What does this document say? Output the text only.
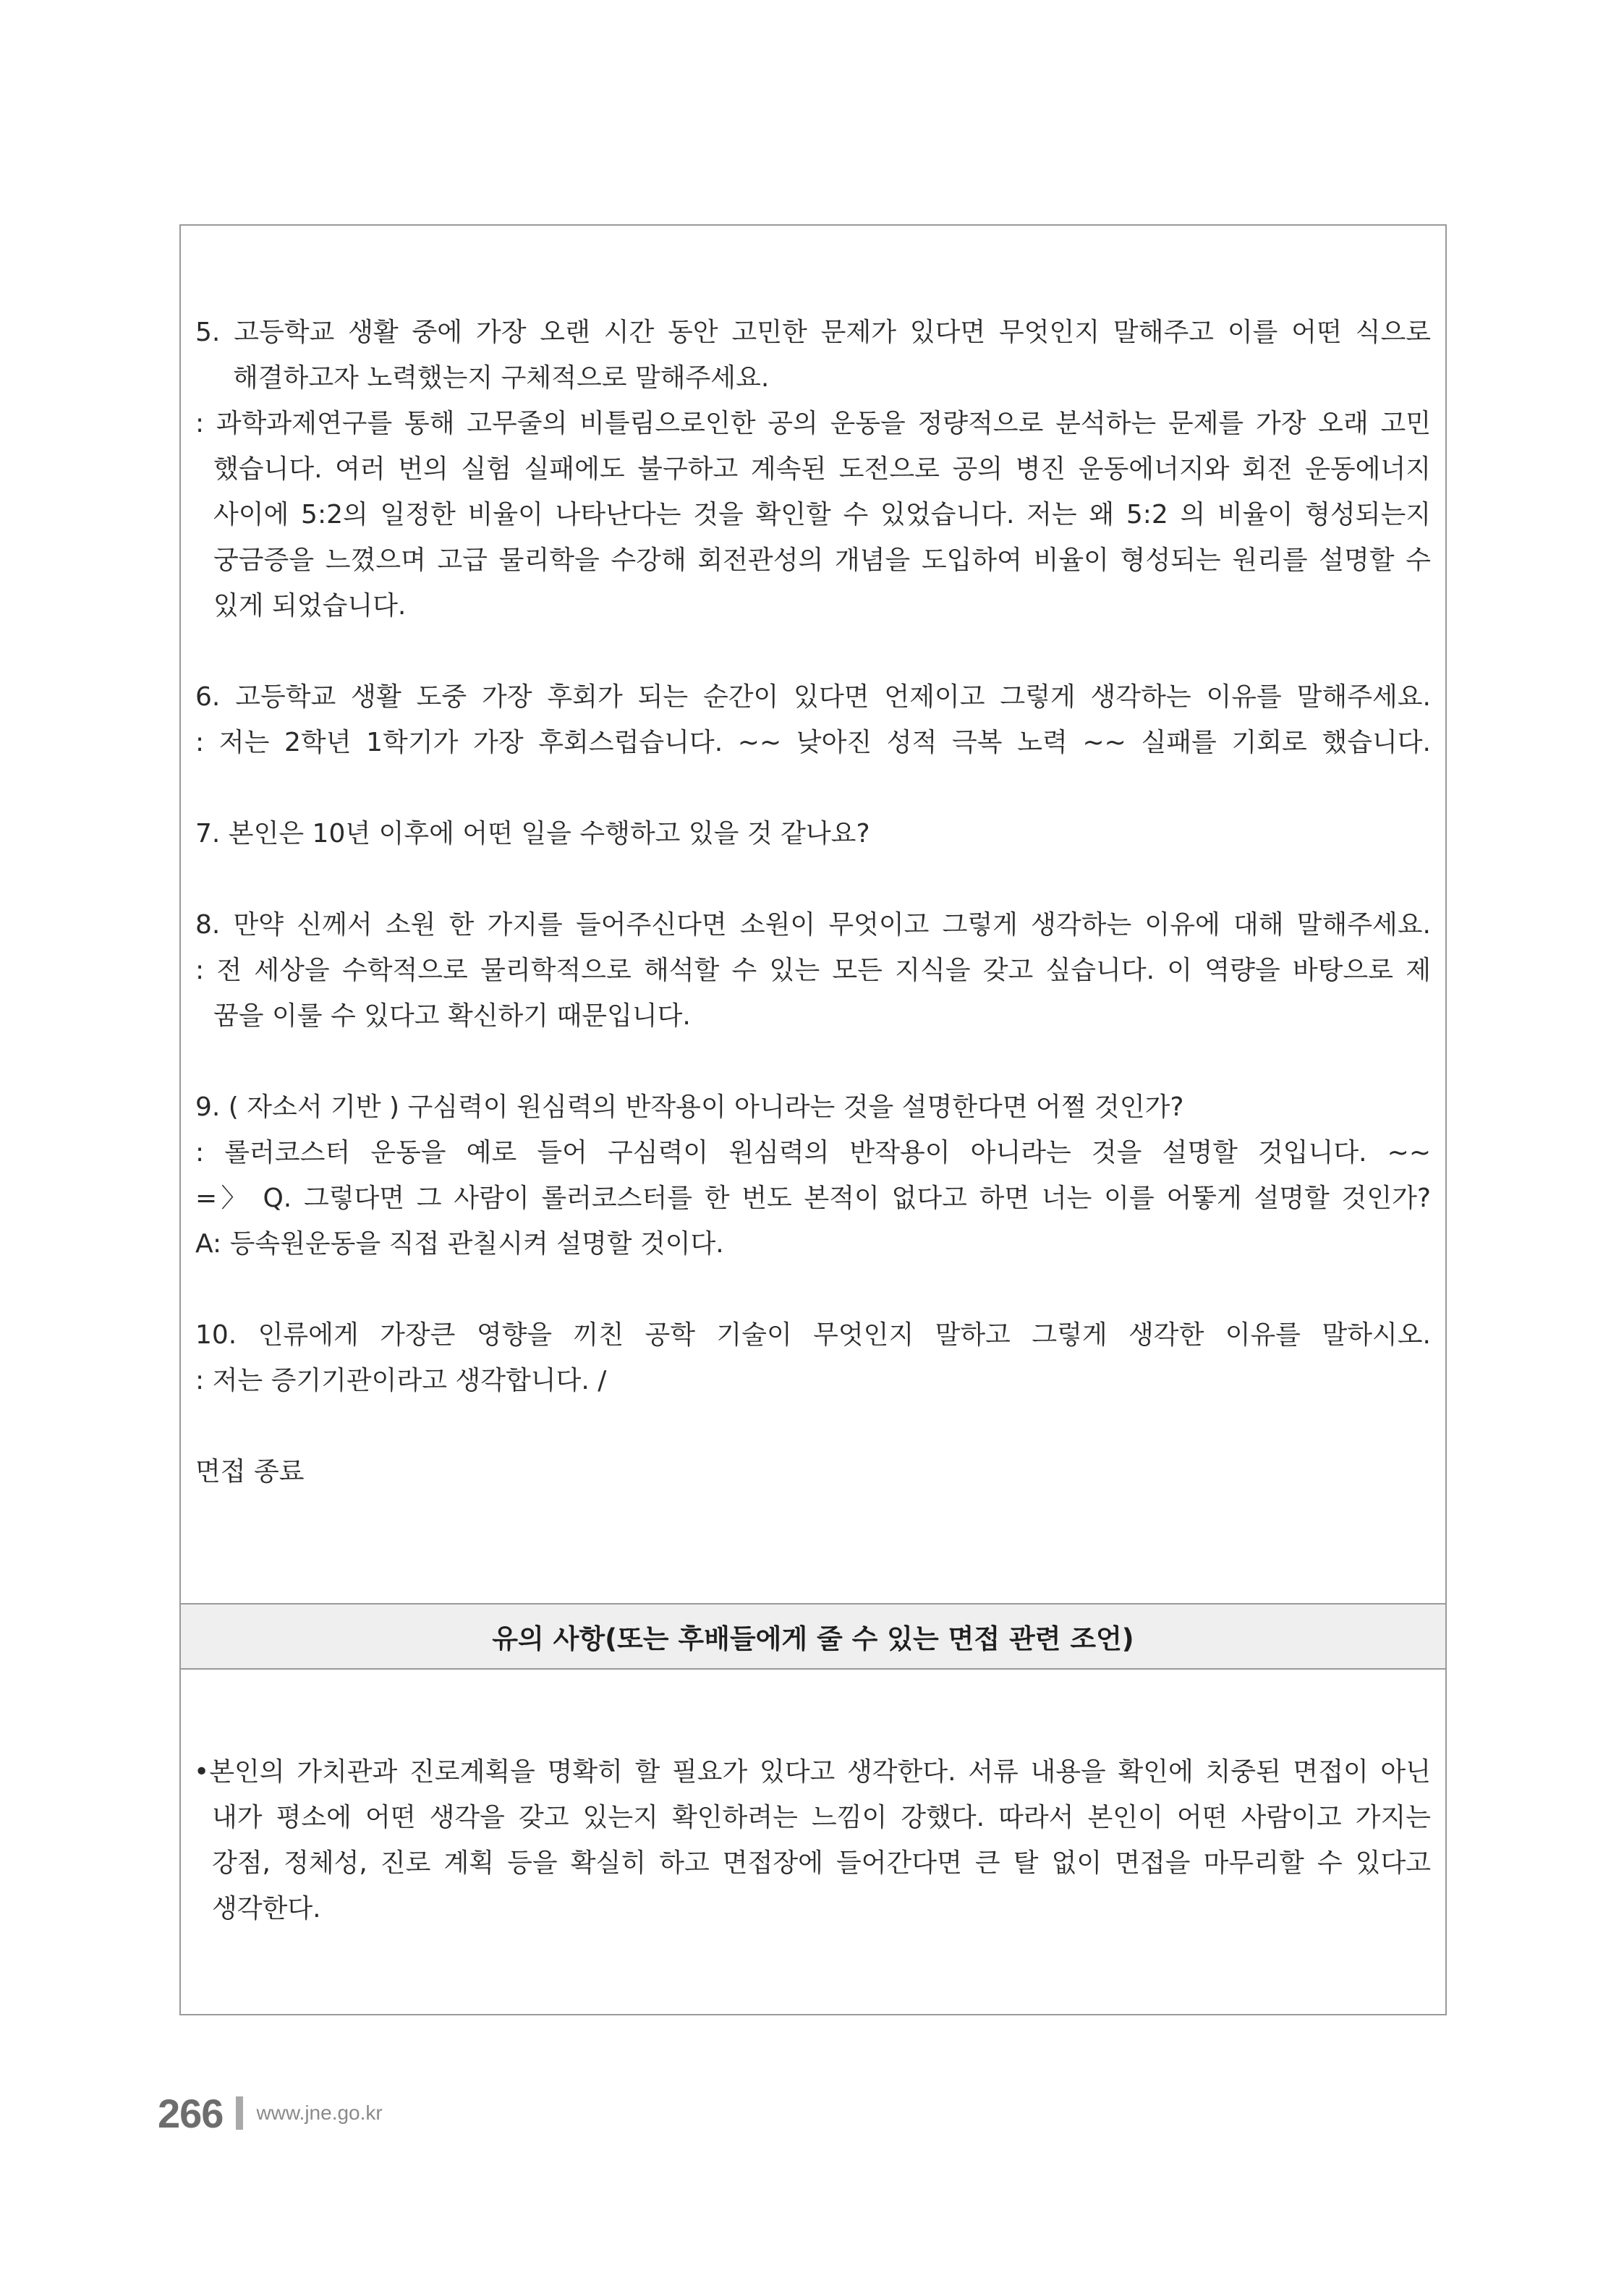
5. 고등학교 생활 중에 가장 오랜 시간 동안 고민한 문제가 있다면 무엇인지 말해주고 이를 어떤 식으로
해결하고자 노력했는지 구체적으로 말해주세요.
: 과학과제연구를 통해 고무줄의 비틀림으로인한 공의 운동을 정량적으로 분석하는 문제를 가장 오래 고민
했습니다. 여러 번의 실험 실패에도 불구하고 계속된 도전으로 공의 병진 운동에너지와 회전 운동에너지
사이에 5:2의 일정한 비율이 나타난다는 것을 확인할 수 있었습니다. 저는 왜 5:2 의 비율이 형성되는지
궁금증을 느꼈으며 고급 물리학을 수강해 회전관성의 개념을 도입하여 비율이 형성되는 원리를 설명할 수
있게 되었습니다.
6. 고등학교 생활 도중 가장 후회가 되는 순간이 있다면 언제이고 그렇게 생각하는 이유를 말해주세요.
: 저는 2학년 1학기가 가장 후회스럽습니다. ~~ 낮아진 성적 극복 노력 ~~ 실패를 기회로 했습니다.
7. 본인은 10년 이후에 어떤 일을 수행하고 있을 것 같나요?
8. 만약 신께서 소원 한 가지를 들어주신다면 소원이 무엇이고 그렇게 생각하는 이유에 대해 말해주세요.
: 전 세상을 수학적으로 물리학적으로 해석할 수 있는 모든 지식을 갖고 싶습니다. 이 역량을 바탕으로 제
꿈을 이룰 수 있다고 확신하기 때문입니다.
9. ( 자소서 기반 ) 구심력이 원심력의 반작용이 아니라는 것을 설명한다면 어쩔 것인가?
: 롤러코스터 운동을 예로 들어 구심력이 원심력의 반작용이 아니라는 것을 설명할 것입니다. ~~
=〉 Q. 그렇다면 그 사람이 롤러코스터를 한 번도 본적이 없다고 하면 너는 이를 어뚷게 설명할 것인가?
A: 등속원운동을 직접 관칠시켜 설명할 것이다.
10. 인류에게 가장큰 영향을 끼친 공학 기술이 무엇인지 말하고 그렇게 생각한 이유를 말하시오.
: 저는 증기기관이라고 생각합니다. /
면접 종료
유의 사항(또는 후배들에게 줄 수 있는 면접 관련 조언)
•본인의 가치관과 진로계획을 명확히 할 필요가 있다고 생각한다. 서류 내용을 확인에 치중된 면접이 아닌
내가 평소에 어떤 생각을 갖고 있는지 확인하려는 느낌이 강했다. 따라서 본인이 어떤 사람이고 가지는
강점, 정체성, 진로 계획 등을 확실히 하고 면접장에 들어간다면 큰 탈 없이 면접을 마무리할 수 있다고
생각한다.
266 www.jne.go.kr
